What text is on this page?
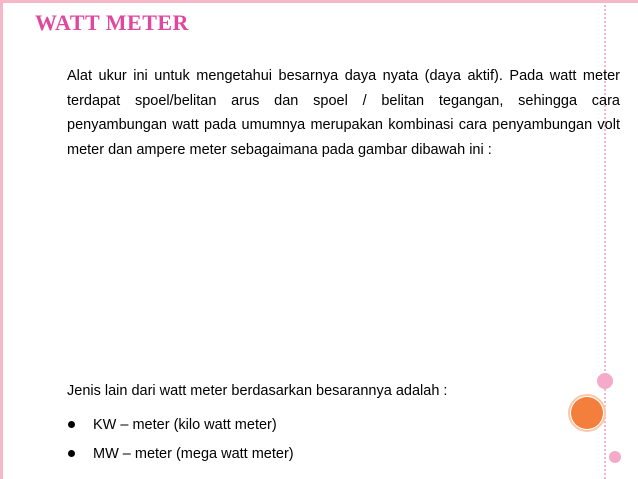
WATT METER

Alat ukur ini untuk mengetahui besarnya daya nyata (daya aktif). Pada watt meter terdapat spoel/belitan arus dan spoel / belitan tegangan, sehingga cara penyambungan watt pada umumnya merupakan kombinasi cara penyambungan volt meter dan ampere meter sebagaimana pada gambar dibawah ini :

Jenis lain dari watt meter berdasarkan besarannya adalah :

KW – meter (kilo watt meter)
MW – meter (mega watt meter)
